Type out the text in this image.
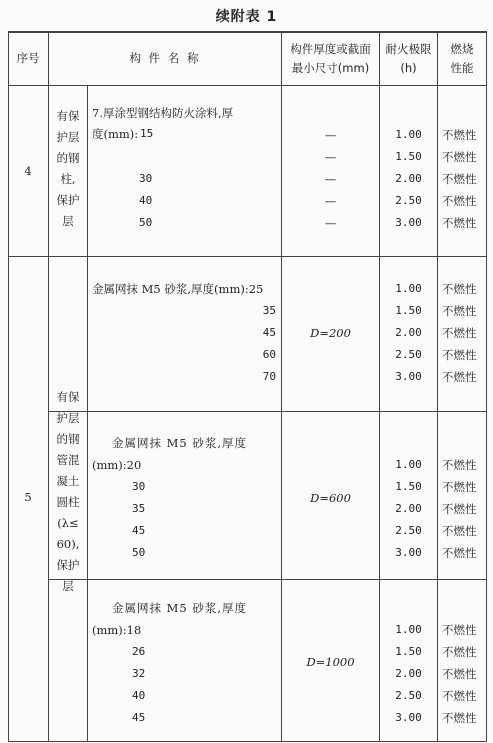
续附表 1
序号	构 件 名 称
构件厚度或截面
最小尺寸(mm)
耐火极限
(h)
燃烧
性能
4
有保
护层
的钢
柱,
保护
层
7.厚涂型钢结构防火涂料,厚
度(mm): 15
30
40
50
—
—
—
—
—
1.00
1.50
2.00
2.50
3.00
不燃性
不燃性
不燃性
不燃性
不燃性
5
有保
护层
的钢
管混
凝土
圆柱
(λ≤
60),
保护
层
金属网抹 M5 砂浆,厚度(mm):25
35
45
60
70
D=200
1.00
1.50
2.00
2.50
3.00
不燃性
不燃性
不燃性
不燃性
不燃性
金属网抹 M5 砂浆,厚度
(mm):20
30
35
45
50
D=600
1.00
1.50
2.00
2.50
3.00
不燃性
不燃性
不燃性
不燃性
不燃性
金属网抹 M5 砂浆,厚度
(mm):18
26
32
40
45
D=1000
1.00
1.50
2.00
2.50
3.00
不燃性
不燃性
不燃性
不燃性
不燃性
